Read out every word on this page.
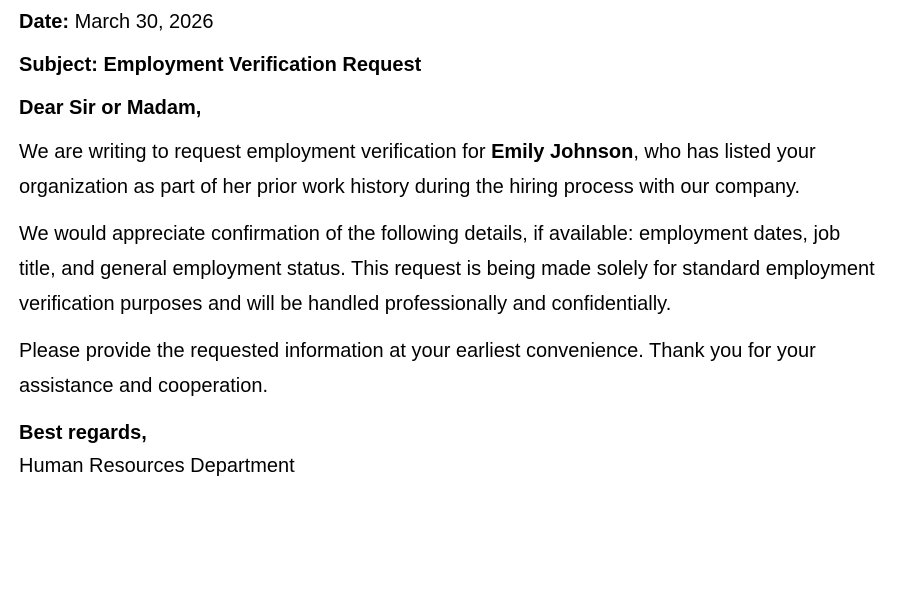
Date: March 30, 2026

Subject: Employment Verification Request

Dear Sir or Madam,

We are writing to request employment verification for Emily Johnson, who has listed your organization as part of her prior work history during the hiring process with our company.

We would appreciate confirmation of the following details, if available: employment dates, job title, and general employment status. This request is being made solely for standard employment verification purposes and will be handled professionally and confidentially.

Please provide the requested information at your earliest convenience. Thank you for your assistance and cooperation.

Best regards,

Human Resources Department
